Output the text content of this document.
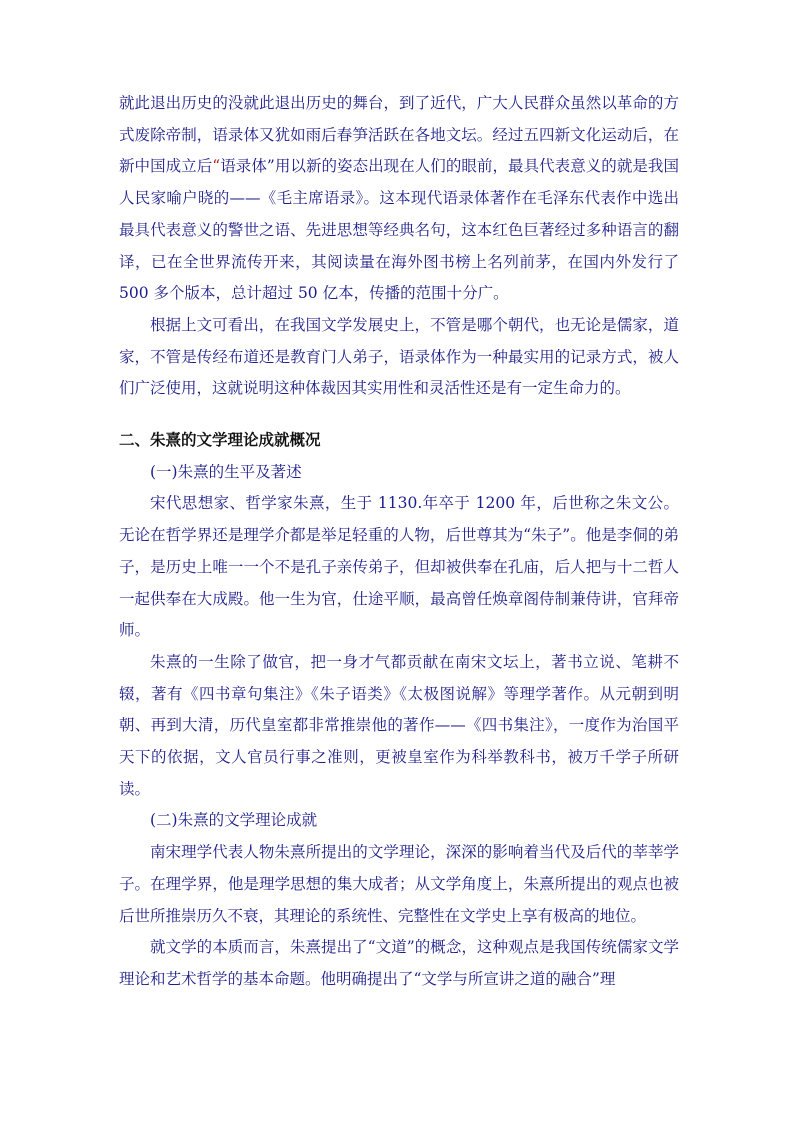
就此退出历史的没就此退出历史的舞台，到了近代，广大人民群众虽然以革命的方式废除帝制，语录体又犹如雨后春笋活跃在各地文坛。经过五四新文化运动后，在新中国成立后“语录体”用以新的姿态出现在人们的眼前，最具代表意义的就是我国人民家喻户晓的——《毛主席语录》。这本现代语录体著作在毛泽东代表作中选出最具代表意义的警世之语、先进思想等经典名句，这本红色巨著经过多种语言的翻译，已在全世界流传开来，其阅读量在海外图书榜上名列前茅，在国内外发行了 500 多个版本，总计超过 50 亿本，传播的范围十分广。

根据上文可看出，在我国文学发展史上，不管是哪个朝代，也无论是儒家，道家，不管是传经布道还是教育门人弟子，语录体作为一种最实用的记录方式，被人们广泛使用，这就说明这种体裁因其实用性和灵活性还是有一定生命力的。

二、朱熹的文学理论成就概况

(一)朱熹的生平及著述

宋代思想家、哲学家朱熹，生于 1130.年卒于 1200 年，后世称之朱文公。无论在哲学界还是理学介都是举足轻重的人物，后世尊其为“朱子”。他是李侗的弟子，是历史上唯一一个不是孔子亲传弟子，但却被供奉在孔庙，后人把与十二哲人一起供奉在大成殿。他一生为官，仕途平顺，最高曾任焕章阁侍制兼侍讲，官拜帝师。

朱熹的一生除了做官，把一身才气都贡献在南宋文坛上，著书立说、笔耕不辍，著有《四书章句集注》《朱子语类》《太极图说解》等理学著作。从元朝到明朝、再到大清，历代皇室都非常推崇他的著作——《四书集注》，一度作为治国平天下的依据，文人官员行事之准则，更被皇室作为科举教科书，被万千学子所研读。

(二)朱熹的文学理论成就

南宋理学代表人物朱熹所提出的文学理论，深深的影响着当代及后代的莘莘学子。在理学界，他是理学思想的集大成者；从文学角度上，朱熹所提出的观点也被后世所推崇历久不衰，其理论的系统性、完整性在文学史上享有极高的地位。

就文学的本质而言，朱熹提出了“文道”的概念，这种观点是我国传统儒家文学理论和艺术哲学的基本命题。他明确提出了“文学与所宣讲之道的融合”理
